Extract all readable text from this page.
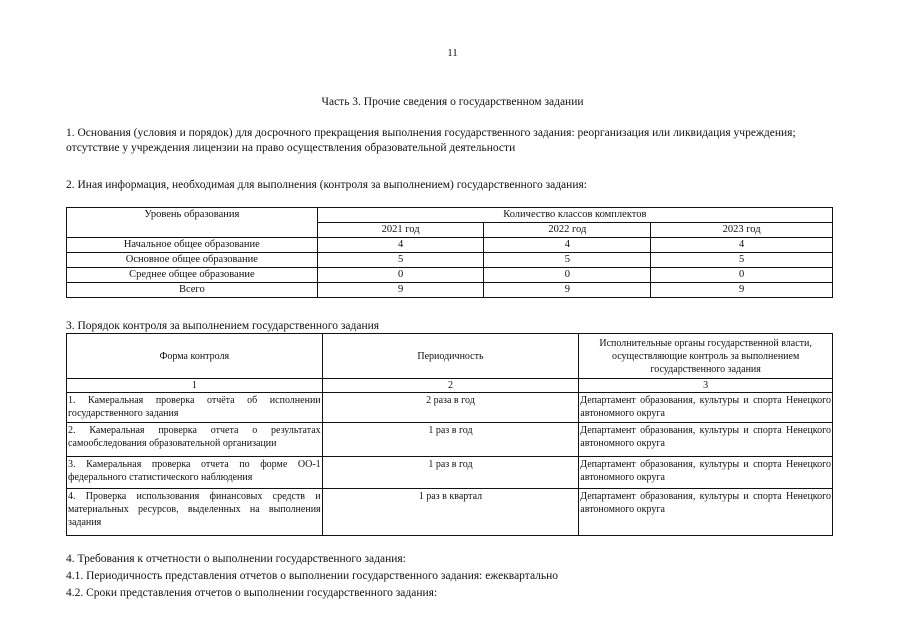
11
Часть 3. Прочие сведения о государственном задании
1. Основания (условия и порядок) для досрочного прекращения выполнения государственного задания: реорганизация или ликвидация учреждения; отсутствие у учреждения лицензии на право осуществления образовательной деятельности
2. Иная информация, необходимая для выполнения (контроля за выполнением) государственного задания:
Уровень образования	Количество классов комплектов		
	2021 год	2022 год	2023 год
Начальное общее образование	4	4	4
Основное общее образование	5	5	5
Среднее общее образование	0	0	0
Всего	9	9	9
3. Порядок контроля за выполнением государственного задания
Форма контроля	Периодичность	Исполнительные органы государственной власти, осуществляющие контроль за выполнением государственного задания
1	2	3
1. Камеральная проверка отчёта об исполнении государственного задания	2 раза в год	Департамент образования, культуры и спорта Ненецкого автономного округа
2. Камеральная проверка отчета о результатах самообследования образовательной организации	1 раз в год	Департамент образования, культуры и спорта Ненецкого автономного округа
3. Камеральная проверка отчета по форме ОО-1 федерального статистического наблюдения	1 раз в год	Департамент образования, культуры и спорта Ненецкого автономного округа
4. Проверка использования финансовых средств и материальных ресурсов, выделенных на выполнения задания	1 раз в квартал	Департамент образования, культуры и спорта Ненецкого автономного округа
4. Требования к отчетности о выполнении государственного задания:
4.1. Периодичность представления отчетов о выполнении государственного задания: ежеквартально
4.2. Сроки представления отчетов о выполнении государственного задания:
